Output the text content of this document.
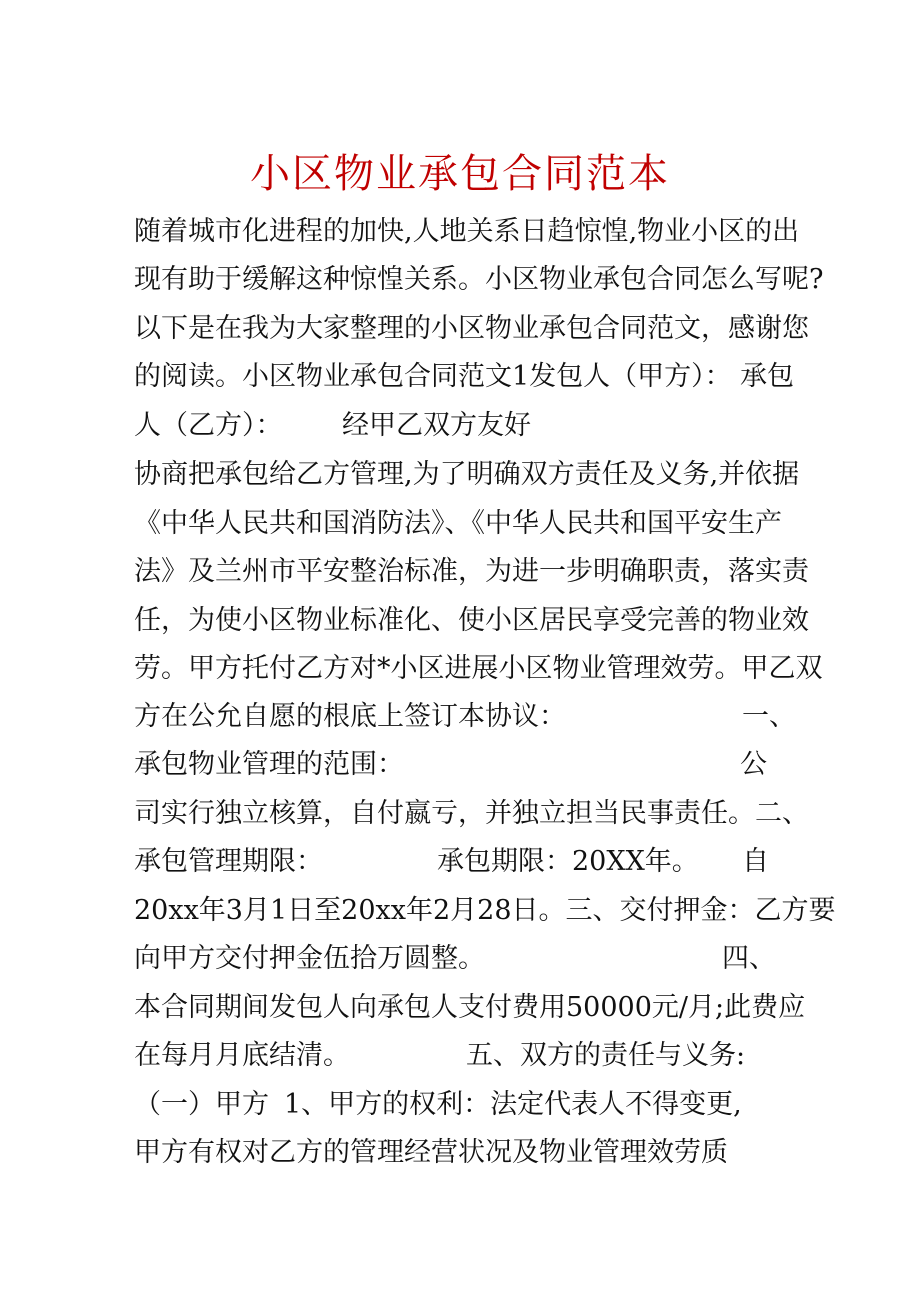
小区物业承包合同范本
随着城市化进程的加快,人地关系日趋惊惶,物业小区的出
现有助于缓解这种惊惶关系。小区物业承包合同怎么写呢?
以下是在我为大家整理的小区物业承包合同范文，感谢您
的阅读。小区物业承包合同范文1发包人（甲方）： 承包
人（乙方）： 经甲乙双方友好
协商把承包给乙方管理,为了明确双方责任及义务,并依据
《中华人民共和国消防法》、《中华人民共和国平安生产
法》及兰州市平安整治标准，为进一步明确职责，落实责
任，为使小区物业标准化、使小区居民享受完善的物业效
劳。甲方托付乙方对*小区进展小区物业管理效劳。甲乙双
方在公允自愿的根底上签订本协议：	一、
承包物业管理的范围：	公
司实行独立核算，自付嬴亏，并独立担当民事责任。二、
承包管理期限：	承包期限：20XX年。 自
20xx年3月1日至20xx年2月28日。三、交付押金：乙方要
向甲方交付押金伍拾万圆整。	四、
本合同期间发包人向承包人支付费用50000元/月;此费应
在每月月底结清。	五、双方的责任与义务:
（一）甲方 1、甲方的权利：法定代表人不得变更,
甲方有权对乙方的管理经营状况及物业管理效劳质
